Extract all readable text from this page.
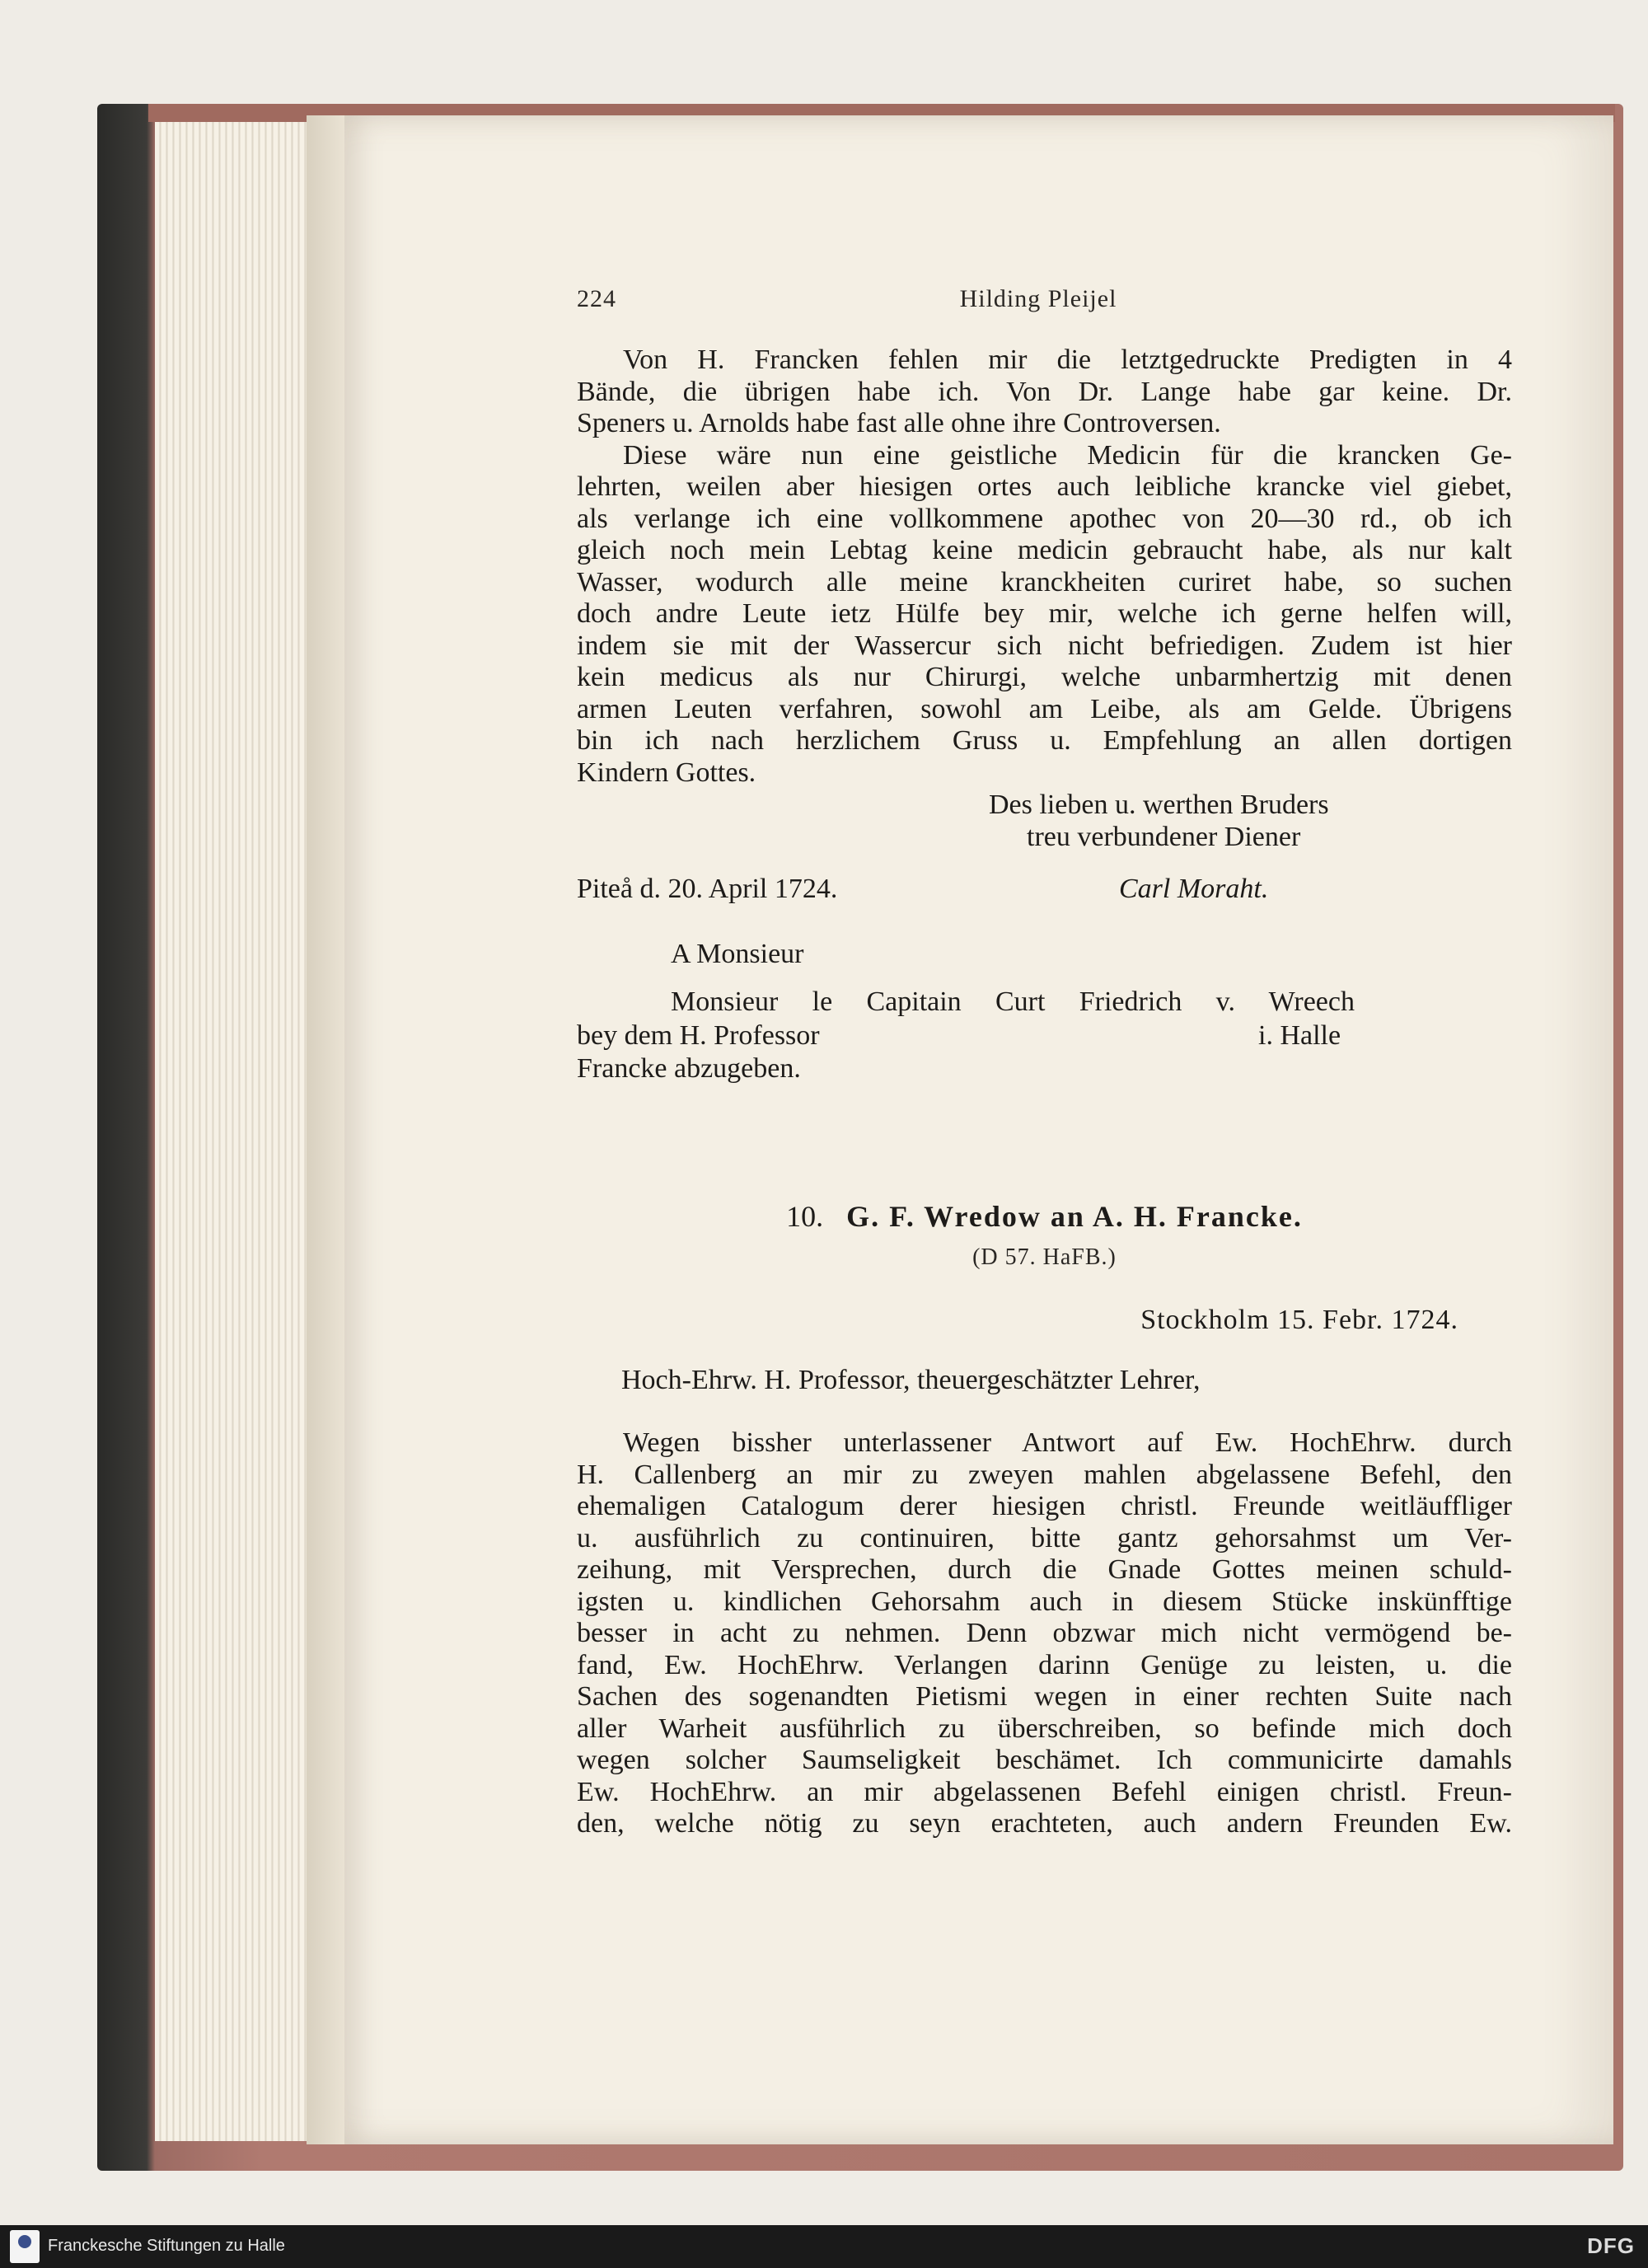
224	Hilding Pleijel
Von H. Francken fehlen mir die letztgedruckte Predigten in 4
Bände, die übrigen habe ich. Von Dr. Lange habe gar keine. Dr.
Speners u. Arnolds habe fast alle ohne ihre Controversen.
Diese wäre nun eine geistliche Medicin für die krancken Ge-
lehrten, weilen aber hiesigen ortes auch leibliche krancke viel giebet,
als verlange ich eine vollkommene apothec von 20—30 rd., ob ich
gleich noch mein Lebtag keine medicin gebraucht habe, als nur kalt
Wasser, wodurch alle meine kranckheiten curiret habe, so suchen
doch andre Leute ietz Hülfe bey mir, welche ich gerne helfen will,
indem sie mit der Wassercur sich nicht befriedigen. Zudem ist hier
kein medicus als nur Chirurgi, welche unbarmhertzig mit denen
armen Leuten verfahren, sowohl am Leibe, als am Gelde. Übrigens
bin ich nach herzlichem Gruss u. Empfehlung an allen dortigen
Kindern Gottes.
Des lieben u. werthen Bruders
treu verbundener Diener
Piteå d. 20. April 1724.	Carl Moraht.
A Monsieur
Monsieur le Capitain Curt Friedrich v. Wreech
bey dem H. Professor	i. Halle
Francke abzugeben.
10. G. F. Wredow an A. H. Francke.
(D 57. HaFB.)
Stockholm 15. Febr. 1724.
Hoch-Ehrw. H. Professor, theuergeschätzter Lehrer,
Wegen bissher unterlassener Antwort auf Ew. HochEhrw. durch
H. Callenberg an mir zu zweyen mahlen abgelassene Befehl, den
ehemaligen Catalogum derer hiesigen christl. Freunde weitläuffliger
u. ausführlich zu continuiren, bitte gantz gehorsahmst um Ver-
zeihung, mit Versprechen, durch die Gnade Gottes meinen schuld-
igsten u. kindlichen Gehorsahm auch in diesem Stücke inskünfftige
besser in acht zu nehmen. Denn obzwar mich nicht vermögend be-
fand, Ew. HochEhrw. Verlangen darinn Genüge zu leisten, u. die
Sachen des sogenandten Pietismi wegen in einer rechten Suite nach
aller Warheit ausführlich zu überschreiben, so befinde mich doch
wegen solcher Saumseligkeit beschämet. Ich communicirte damahls
Ew. HochEhrw. an mir abgelassenen Befehl einigen christl. Freun-
den, welche nötig zu seyn erachteten, auch andern Freunden Ew.
Franckesche Stiftungen zu Halle	DFG
